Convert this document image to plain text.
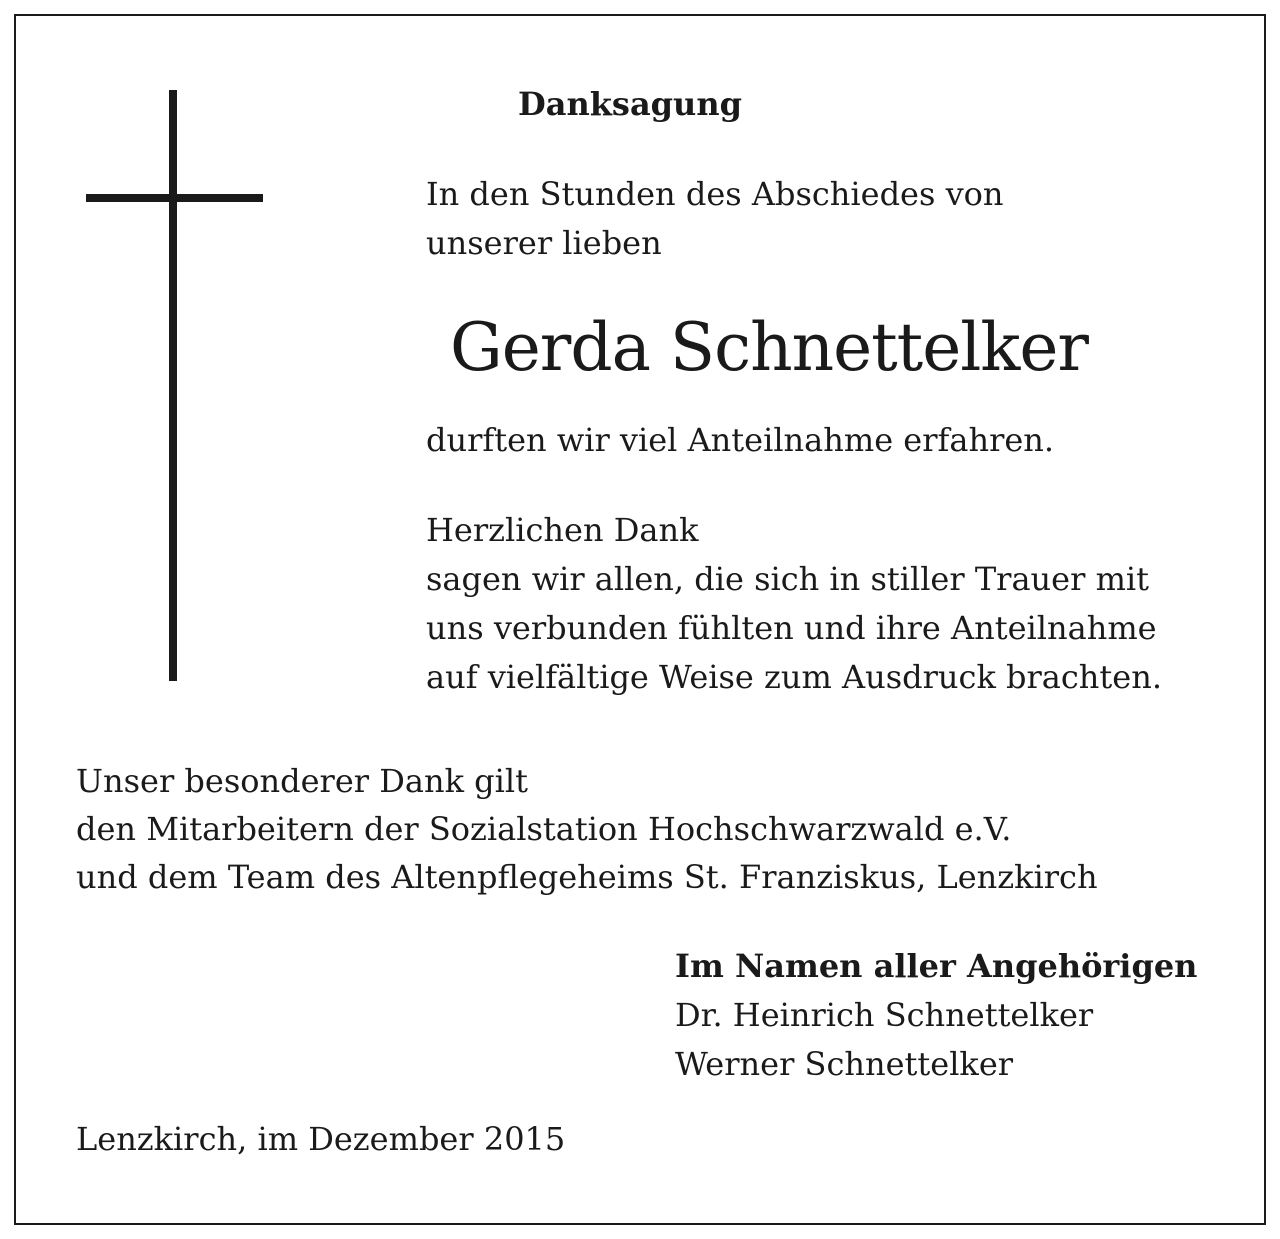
Danksagung

In den Stunden des Abschiedes von

unserer lieben

Gerda Schnettelker

durften wir viel Anteilnahme erfahren.

Herzlichen Dank

sagen wir allen, die sich in stiller Trauer mit

uns verbunden fühlten und ihre Anteilnahme

auf vielfältige Weise zum Ausdruck brachten.

Unser besonderer Dank gilt

den Mitarbeitern der Sozialstation Hochschwarzwald e.V.

und dem Team des Altenpflegeheims St. Franziskus, Lenzkirch

Im Namen aller Angehörigen

Dr. Heinrich Schnettelker

Werner Schnettelker

Lenzkirch, im Dezember 2015
